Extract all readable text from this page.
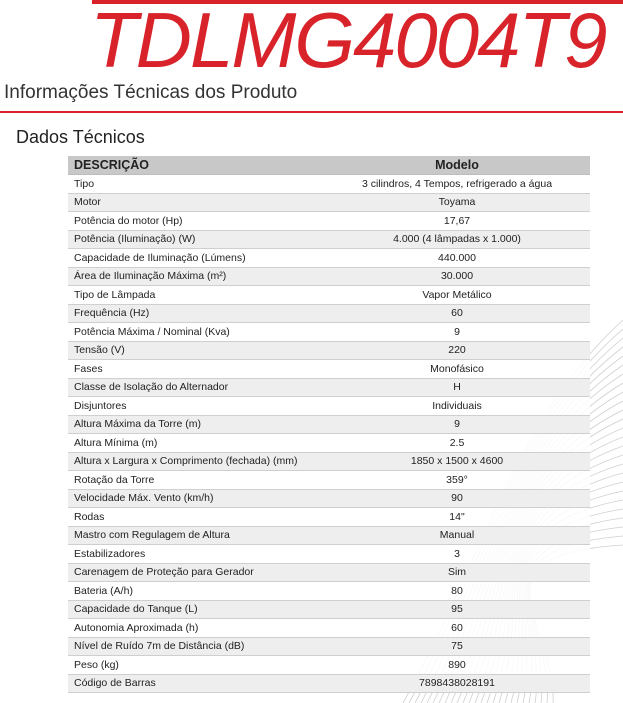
TDLMG4004T9
Informações Técnicas dos Produto
Dados Técnicos
DESCRIÇÃO	Modelo
Tipo	3 cilindros, 4 Tempos, refrigerado a água
Motor	Toyama
Potência do motor (Hp)	17,67
Potência (Iluminação) (W)	4.000 (4 lâmpadas x 1.000)
Capacidade de Iluminação (Lúmens)	440.000
Área de Iluminação Máxima (m²)	30.000
Tipo de Lâmpada	Vapor Metálico
Frequência (Hz)	60
Potência Máxima / Nominal (Kva)	9
Tensão (V)	220
Fases	Monofásico
Classe de Isolação do Alternador	H
Disjuntores	Individuais
Altura Máxima da Torre (m)	9
Altura Mínima (m)	2.5
Altura x Largura x Comprimento (fechada) (mm)	1850 x 1500 x 4600
Rotação da Torre	359°
Velocidade Máx. Vento (km/h)	90
Rodas	14"
Mastro com Regulagem de Altura	Manual
Estabilizadores	3
Carenagem de Proteção para Gerador	Sim
Bateria (A/h)	80
Capacidade do Tanque (L)	95
Autonomia Aproximada (h)	60
Nível de Ruído 7m de Distância (dB)	75
Peso (kg)	890
Código de Barras	7898438028191
